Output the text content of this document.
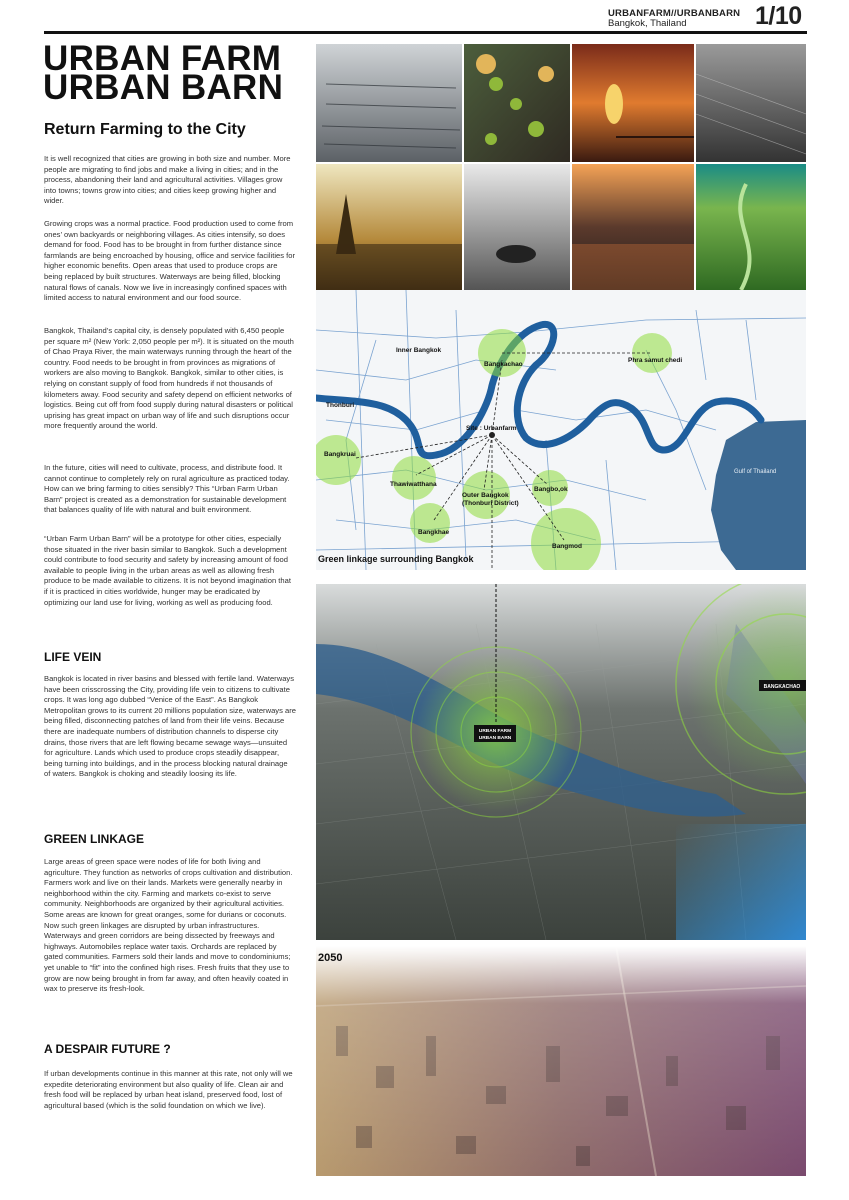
URBANFARM//URBANBARN
Bangkok, Thailand	1/10
URBAN FARM
URBAN BARN
Return Farming to the City

It is well recognized that cities are growing in both size and number. More people are migrating to find jobs and make a living in cities; and in the process, abandoning their land and agricultural activities. Villages grow into towns; towns grow into cities; and cities keep growing higher and wider.

Growing crops was a normal practice. Food production used to come from ones’ own backyards or neighboring villages. As cities intensify, so does demand for food. Food has to be brought in from further distance since farmlands are being encroached by housing, office and service facilities for higher economic benefits. Open areas that used to produce crops are being replaced by built structures. Waterways are being filled, blocking natural flows of canals. Now we live in increasingly confined spaces with limited access to natural environment and our food source.

Bangkok, Thailand’s capital city, is densely populated with 6,450 people per square m² (New York: 2,050 people per m²). It is situated on the mouth of Chao Praya River, the main waterways running through the heart of the country. Food needs to be brought in from provinces as migrations of workers are also moving to Bangkok. Bangkok, similar to other cities, is relying on constant supply of food from hundreds if not thousands of kilometers away. Food security and safety depend on efficient networks of logistics. Being cut off from food supply during natural disasters or political uprising has great impact on urban way of life and such disruptions occur more frequently around the world.

In the future, cities will need to cultivate, process, and distribute food. It cannot continue to completely rely on rural agriculture as practiced today. How can we bring farming to cities sensibly? This “Urban Farm Urban Barn” project is created as a demonstration for sustainable development that balances quality of life with natural and built environment.

“Urban Farm Urban Barn” will be a prototype for other cities, especially those situated in the river basin similar to Bangkok. Such a development could contribute to food security and safety by increasing amount of food available to people living in the urban areas as well as allowing fresh produce to be made available to citizens. It is not beyond imagination that if it is practiced in cities worldwide, hunger may be eradicated by optimizing our land use for living, working as well as producing food.

LIFE VEIN

Bangkok is located in river basins and blessed with fertile land. Waterways have been crisscrossing the City, providing life vein to citizens to cultivate crops. It was long ago dubbed “Venice of the East”. As Bangkok Metropolitan grows to its current 20 millions population size, waterways are being filled, disconnecting patches of land from their life veins. Because there are inadequate numbers of distribution channels to disperse city drains, those rivers that are left flowing became sewage ways—unsuited for agriculture. Lands which used to produce crops steadily disappear, being turning into buildings, and in the process blocking natural drainage of waters. Bangkok is choking and steadily loosing its life.

GREEN LINKAGE

Large areas of green space were nodes of life for both living and agriculture. They function as networks of crops cultivation and distribution. Farmers work and live on their lands. Markets were generally nearby in neighborhood within the city. Farming and markets co-exist to serve community. Neighborhoods are organized by their agricultural activities. Some areas are known for great oranges, some for durians or coconuts. Now such green linkages are disrupted by urban infrastructures. Waterways and green corridors are being dissected by freeways and highways. Automobiles replace water taxis. Orchards are replaced by gated communities. Farmers sold their lands and move to condominiums; yet unable to “fit” into the confined high rises. Fresh fruits that they use to grow are now being brought in from far away, and often heavily coated in wax to preserve its fresh-look.

A DESPAIR FUTURE ?

If urban developments continue in this manner at this rate, not only will we expedite deteriorating environment but also quality of life. Clean air and fresh food will be replaced by urban heat island, preserved food, lost of agricultural based (which is the solid foundation on which we live).

Inner Bangkok
Thonburi
Bangkachao
Phra samut chedi
Bangkruai
Thawiwatthana
Outer Bangkok
(Thonburi District)
Bangbo,ok
Bangkhae
Bangmod
Site : Urbanfarm
Gulf of Thailand
Green linkage surrounding Bangkok
URBAN FARM
URBAN BARN
BANGKACHAO
2050
